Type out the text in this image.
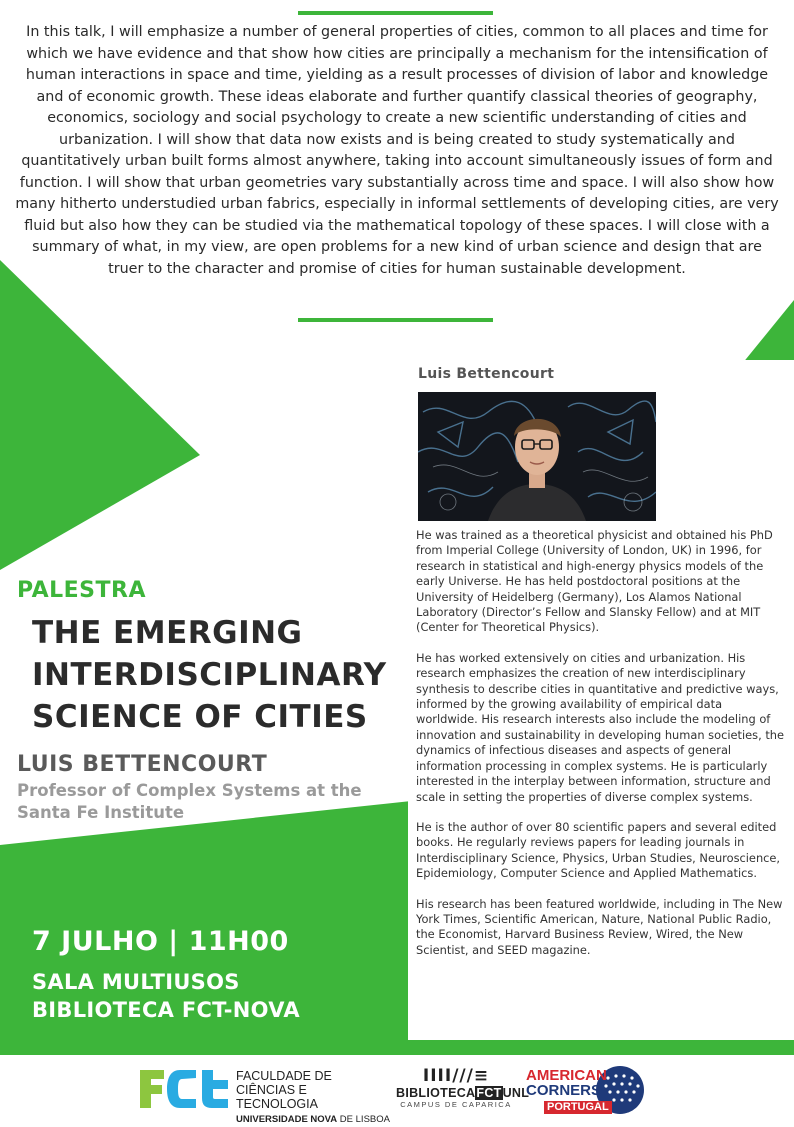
In this talk, I will emphasize a number of general properties of cities, common to all places and time for which we have evidence and that show how cities are principally a mechanism for the intensification of human interactions in space and time, yielding as a result processes of division of labor and knowledge and of economic growth. These ideas elaborate and further quantify classical theories of geography, economics, sociology and social psychology to create a new scientific understanding of cities and urbanization. I will show that data now exists and is being created to study systematically and quantitatively urban built forms almost anywhere, taking into account simultaneously issues of form and function. I will show that urban geometries vary substantially across time and space. I will also show how many hitherto understudied urban fabrics, especially in informal settlements of developing cities, are very fluid but also how they can be studied via the mathematical topology of these spaces. I will close with a summary of what, in my view, are open problems for a new kind of urban science and design that are truer to the character and promise of cities for human sustainable development.

Luis Bettencourt

He was trained as a theoretical physicist and obtained his PhD from Imperial College (University of London, UK) in 1996, for research in statistical and high-energy physics models of the early Universe. He has held postdoctoral positions at the University of Heidelberg (Germany), Los Alamos National Laboratory (Director’s Fellow and Slansky Fellow) and at MIT (Center for Theoretical Physics).

He has worked extensively on cities and urbanization. His research emphasizes the creation of new interdisciplinary synthesis to describe cities in quantitative and predictive ways, informed by the growing availability of empirical data worldwide. His research interests also include the modeling of innovation and sustainability in developing human societies, the dynamics of infectious diseases and aspects of general information processing in complex systems. He is particularly interested in the interplay between information, structure and scale in setting the properties of diverse complex systems.

He is the author of over 80 scientific papers and several edited books. He regularly reviews papers for leading journals in Interdisciplinary Science, Physics, Urban Studies, Neuroscience, Epidemiology, Computer Science and Applied Mathematics.

His research has been featured worldwide, including in The New York Times, Scientific American, Nature, National Public Radio, the Economist, Harvard Business Review, Wired, the New Scientist, and SEED magazine.

PALESTRA

THE EMERGING
INTERDISCIPLINARY
SCIENCE OF CITIES

LUIS BETTENCOURT

Professor of Complex Systems at the
Santa Fe Institute

7 JULHO | 11H00

SALA MULTIUSOS
BIBLIOTECA FCT-NOVA

FACULDADE DE
CIÊNCIAS E TECNOLOGIA
UNIVERSIDADE NOVA DE LISBOA
IIII///≡
BIBLIOTECAFCTUNL
CAMPUS DE CAPARICA
AMERICAN
CORNERS
PORTUGAL
